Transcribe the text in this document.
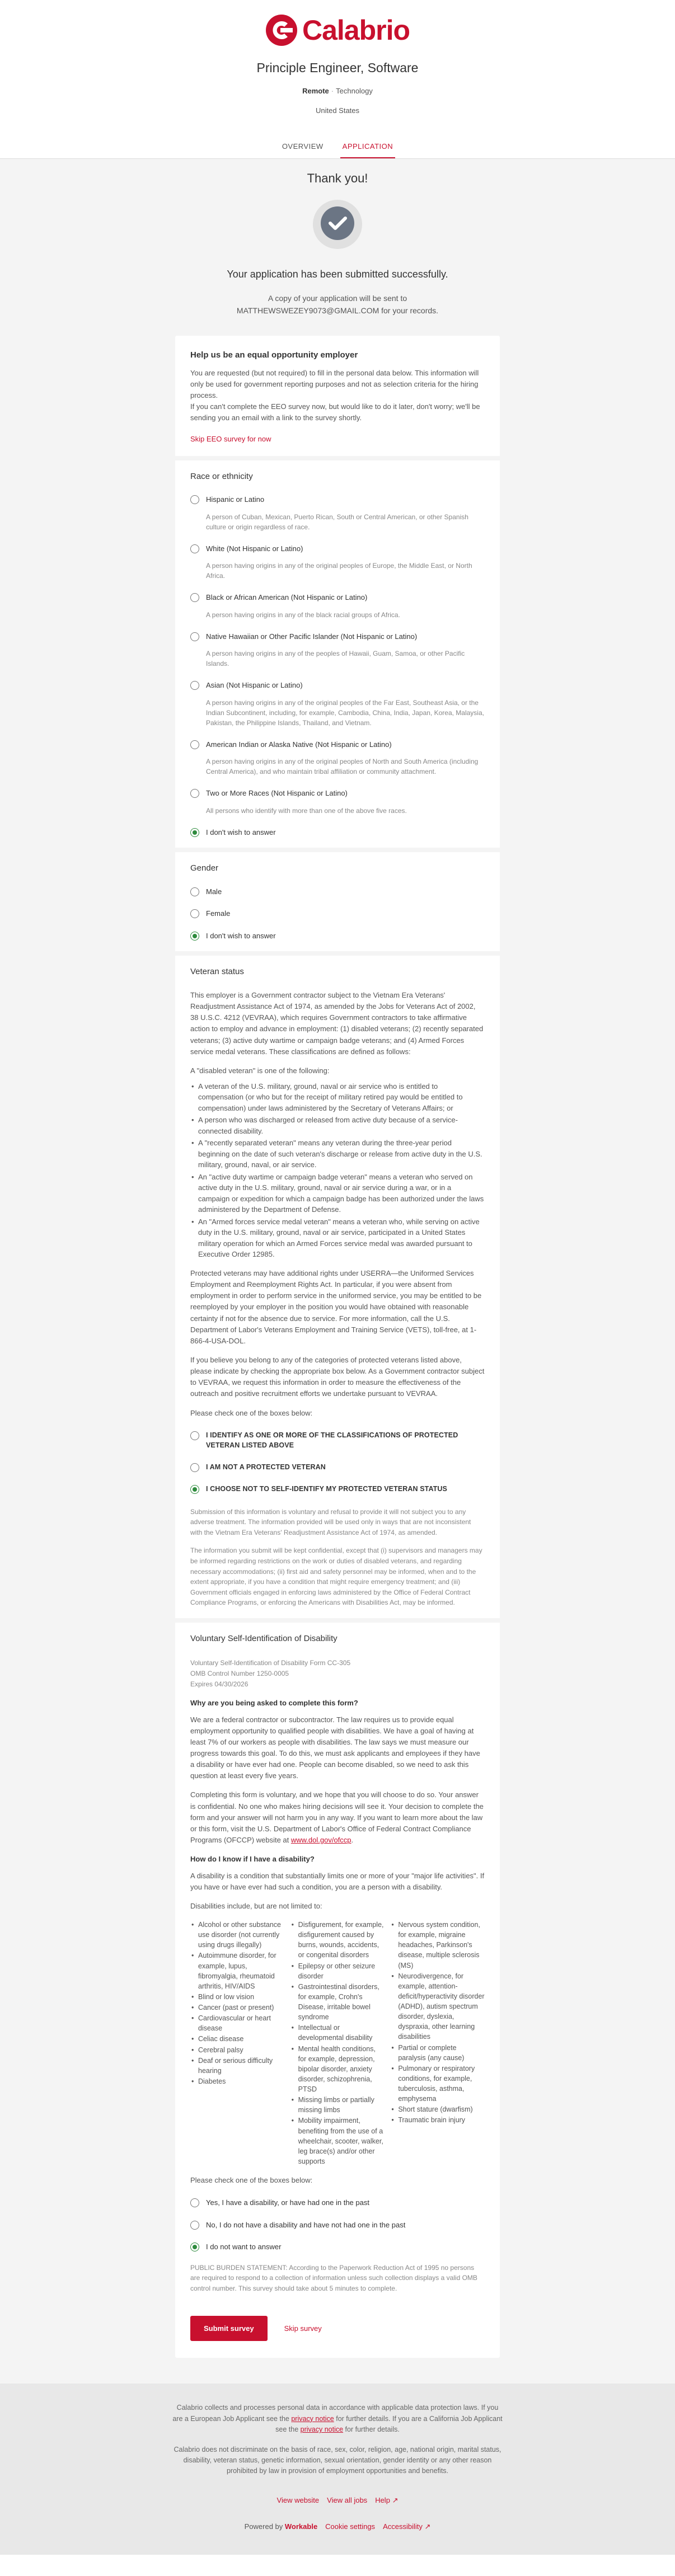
Calabrio
Principle Engineer, Software
Remote · Technology
United States
OVERVIEW	APPLICATION
Thank you!
Your application has been submitted successfully.
A copy of your application will be sent to
MATTHEWSWEZEY9073@GMAIL.COM for your records.
Help us be an equal opportunity employer

You are requested (but not required) to fill in the personal data below. This information will only be used for government reporting purposes and not as selection criteria for the hiring process.

If you can't complete the EEO survey now, but would like to do it later, don't worry; we'll be sending you an email with a link to the survey shortly.

Skip EEO survey for now
Race or ethnicity
Hispanic or Latino
A person of Cuban, Mexican, Puerto Rican, South or Central American, or other Spanish culture or origin regardless of race.
White (Not Hispanic or Latino)
A person having origins in any of the original peoples of Europe, the Middle East, or North Africa.
Black or African American (Not Hispanic or Latino)
A person having origins in any of the black racial groups of Africa.
Native Hawaiian or Other Pacific Islander (Not Hispanic or Latino)
A person having origins in any of the peoples of Hawaii, Guam, Samoa, or other Pacific Islands.
Asian (Not Hispanic or Latino)
A person having origins in any of the original peoples of the Far East, Southeast Asia, or the Indian Subcontinent, including, for example, Cambodia, China, India, Japan, Korea, Malaysia, Pakistan, the Philippine Islands, Thailand, and Vietnam.
American Indian or Alaska Native (Not Hispanic or Latino)
A person having origins in any of the original peoples of North and South America (including Central America), and who maintain tribal affiliation or community attachment.
Two or More Races (Not Hispanic or Latino)
All persons who identify with more than one of the above five races.
I don't wish to answer
Gender
Male
Female
I don't wish to answer
Veteran status
This employer is a Government contractor subject to the Vietnam Era Veterans' Readjustment Assistance Act of 1974, as amended by the Jobs for Veterans Act of 2002, 38 U.S.C. 4212 (VEVRAA), which requires Government contractors to take affirmative action to employ and advance in employment: (1) disabled veterans; (2) recently separated veterans; (3) active duty wartime or campaign badge veterans; and (4) Armed Forces service medal veterans. These classifications are defined as follows:
A "disabled veteran" is one of the following:
• A veteran of the U.S. military, ground, naval or air service who is entitled to compensation (or who but for the receipt of military retired pay would be entitled to compensation) under laws administered by the Secretary of Veterans Affairs; or
• A person who was discharged or released from active duty because of a service-connected disability.
• A "recently separated veteran" means any veteran during the three-year period beginning on the date of such veteran's discharge or release from active duty in the U.S. military, ground, naval, or air service.
• An "active duty wartime or campaign badge veteran" means a veteran who served on active duty in the U.S. military, ground, naval or air service during a war, or in a campaign or expedition for which a campaign badge has been authorized under the laws administered by the Department of Defense.
• An "Armed forces service medal veteran" means a veteran who, while serving on active duty in the U.S. military, ground, naval or air service, participated in a United States military operation for which an Armed Forces service medal was awarded pursuant to Executive Order 12985.
Protected veterans may have additional rights under USERRA—the Uniformed Services Employment and Reemployment Rights Act. In particular, if you were absent from employment in order to perform service in the uniformed service, you may be entitled to be reemployed by your employer in the position you would have obtained with reasonable certainty if not for the absence due to service. For more information, call the U.S. Department of Labor's Veterans Employment and Training Service (VETS), toll-free, at 1-866-4-USA-DOL.
If you believe you belong to any of the categories of protected veterans listed above, please indicate by checking the appropriate box below. As a Government contractor subject to VEVRAA, we request this information in order to measure the effectiveness of the outreach and positive recruitment efforts we undertake pursuant to VEVRAA.
Please check one of the boxes below:
I IDENTIFY AS ONE OR MORE OF THE CLASSIFICATIONS OF PROTECTED VETERAN LISTED ABOVE
I AM NOT A PROTECTED VETERAN
I CHOOSE NOT TO SELF-IDENTIFY MY PROTECTED VETERAN STATUS
Submission of this information is voluntary and refusal to provide it will not subject you to any adverse treatment. The information provided will be used only in ways that are not inconsistent with the Vietnam Era Veterans' Readjustment Assistance Act of 1974, as amended.
The information you submit will be kept confidential, except that (i) supervisors and managers may be informed regarding restrictions on the work or duties of disabled veterans, and regarding necessary accommodations; (ii) first aid and safety personnel may be informed, when and to the extent appropriate, if you have a condition that might require emergency treatment; and (iii) Government officials engaged in enforcing laws administered by the Office of Federal Contract Compliance Programs, or enforcing the Americans with Disabilities Act, may be informed.
Voluntary Self-Identification of Disability
Voluntary Self-Identification of Disability Form CC-305
OMB Control Number 1250-0005
Expires 04/30/2026
Why are you being asked to complete this form?
We are a federal contractor or subcontractor. The law requires us to provide equal employment opportunity to qualified people with disabilities. We have a goal of having at least 7% of our workers as people with disabilities. The law says we must measure our progress towards this goal. To do this, we must ask applicants and employees if they have a disability or have ever had one. People can become disabled, so we need to ask this question at least every five years.
Completing this form is voluntary, and we hope that you will choose to do so. Your answer is confidential. No one who makes hiring decisions will see it. Your decision to complete the form and your answer will not harm you in any way. If you want to learn more about the law or this form, visit the U.S. Department of Labor's Office of Federal Contract Compliance Programs (OFCCP) website at www.dol.gov/ofccp.
How do I know if I have a disability?
A disability is a condition that substantially limits one or more of your "major life activities". If you have or have ever had such a condition, you are a person with a disability.
Disabilities include, but are not limited to:
• Alcohol or other substance use disorder (not currently using drugs illegally)
• Autoimmune disorder, for example, lupus, fibromyalgia, rheumatoid arthritis, HIV/AIDS
• Blind or low vision
• Cancer (past or present)
• Cardiovascular or heart disease
• Celiac disease
• Cerebral palsy
• Deaf or serious difficulty hearing
• Diabetes
• Disfigurement, for example, disfigurement caused by burns, wounds, accidents, or congenital disorders
• Epilepsy or other seizure disorder
• Gastrointestinal disorders, for example, Crohn's Disease, irritable bowel syndrome
• Intellectual or developmental disability
• Mental health conditions, for example, depression, bipolar disorder, anxiety disorder, schizophrenia, PTSD
• Missing limbs or partially missing limbs
• Mobility impairment, benefiting from the use of a wheelchair, scooter, walker, leg brace(s) and/or other supports
• Nervous system condition, for example, migraine headaches, Parkinson's disease, multiple sclerosis (MS)
• Neurodivergence, for example, attention-deficit/hyperactivity disorder (ADHD), autism spectrum disorder, dyslexia, dyspraxia, other learning disabilities
• Partial or complete paralysis (any cause)
• Pulmonary or respiratory conditions, for example, tuberculosis, asthma, emphysema
• Short stature (dwarfism)
• Traumatic brain injury
Please check one of the boxes below:
Yes, I have a disability, or have had one in the past
No, I do not have a disability and have not had one in the past
I do not want to answer
PUBLIC BURDEN STATEMENT: According to the Paperwork Reduction Act of 1995 no persons are required to respond to a collection of information unless such collection displays a valid OMB control number. This survey should take about 5 minutes to complete.
Submit survey	Skip survey

Calabrio collects and processes personal data in accordance with applicable data protection laws. If you are a European Job Applicant see the privacy notice for further details. If you are a California Job Applicant see the privacy notice for further details.

Calabrio does not discriminate on the basis of race, sex, color, religion, age, national origin, marital status, disability, veteran status, genetic information, sexual orientation, gender identity or any other reason prohibited by law in provision of employment opportunities and benefits.

View website View all jobs Help ↗
Powered by Workable Cookie settings Accessibility ↗
